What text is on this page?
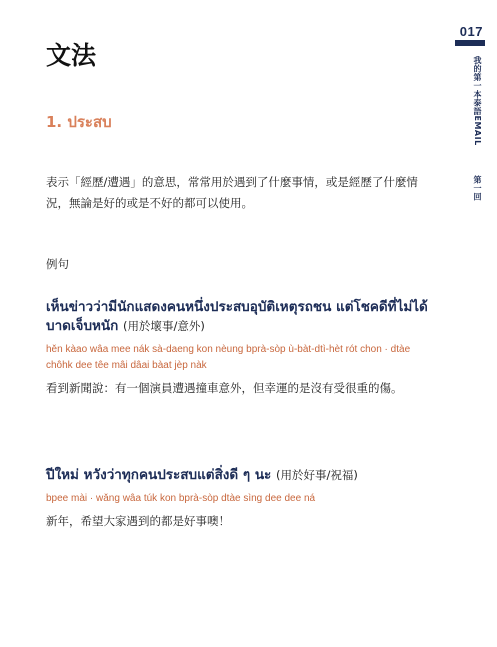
017
我的第一本泰語EMAIL第一回
文法
1. ประสบ

表示「經歷/遭遇」的意思，常常用於遇到了什麼事情，或是經歷了什麼情況，無論是好的或是不好的都可以使用。

例句

เห็นข่าวว่ามีนักแสดงคนหนึ่งประสบอุบัติเหตุรถชน แต่โชคดีที่ไม่ได้บาดเจ็บหนัก (用於壞事/意外)

hěn kàao wâa mee nák sà-daeng kon nèung bprà-sòp ù-bàt-dtì-hèt rót chon · dtàe chôhk dee têe mâi dâai bàat jèp nàk

看到新聞說：有一個演員遭遇撞車意外，但幸運的是沒有受很重的傷。

ปีใหม่ หวังว่าทุกคนประสบแต่สิ่งดี ๆ นะ (用於好事/祝福)

bpee mài · wǎng wâa túk kon bprà-sòp dtàe sìng dee dee ná

新年，希望大家遇到的都是好事噢！
